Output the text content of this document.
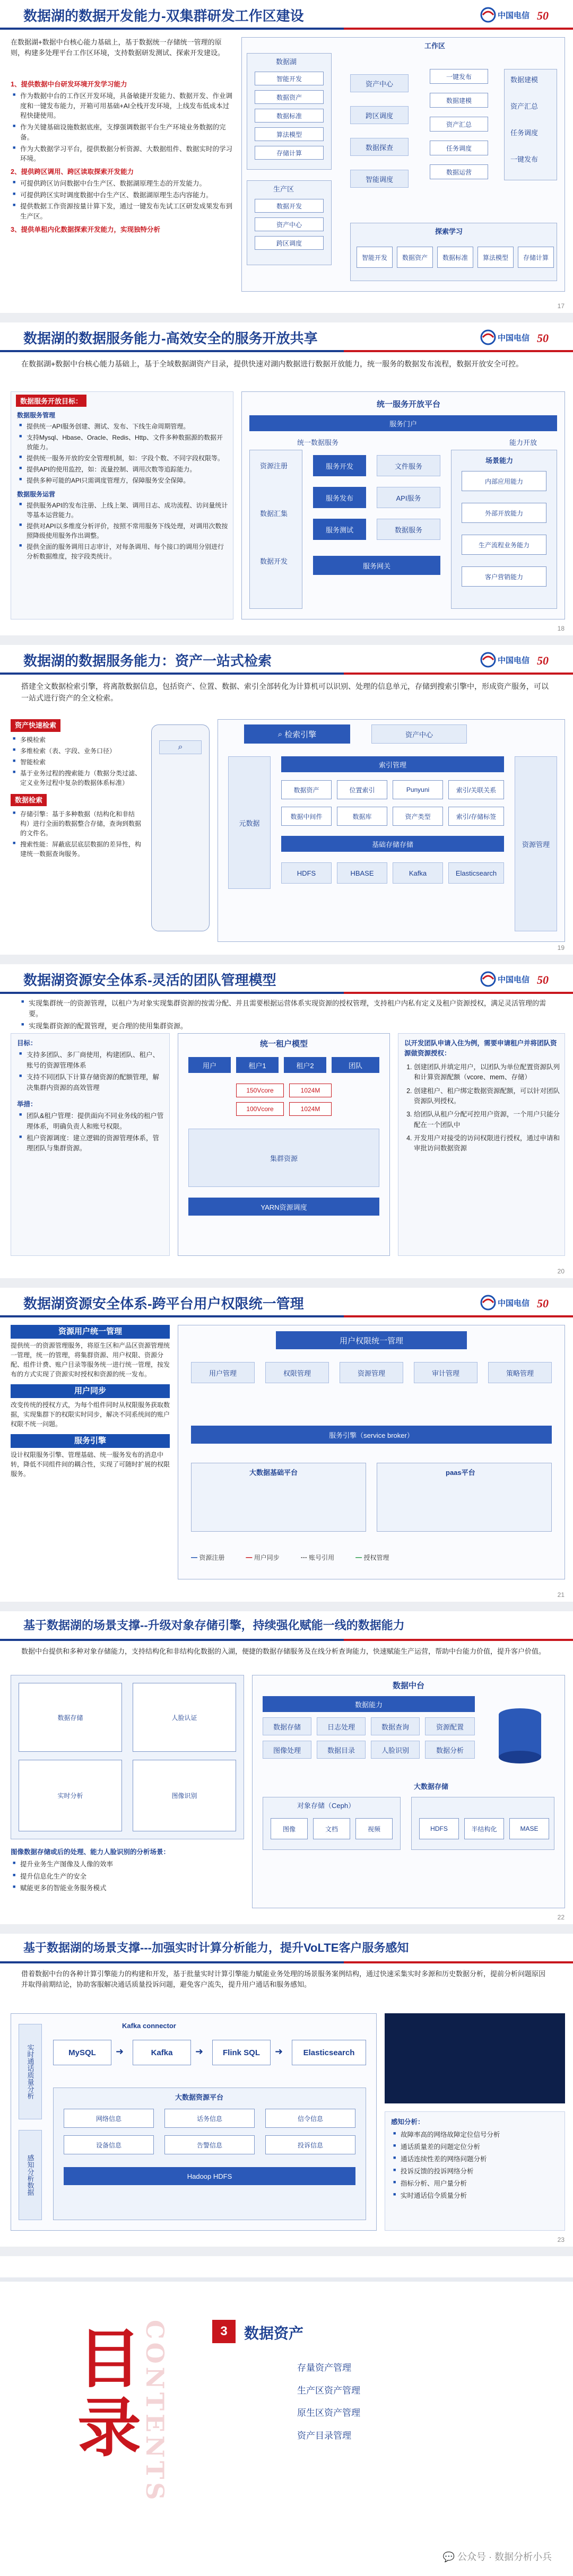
数据湖的数据开发能力-双集群研发工作区建设	中国电信 50
在数据湖+数据中台核心能力基础上，基于数据统一存储统一管理的原则，构建多处理平台工作区环境，支持数据研发测试、探索开发建设。
1、提供数据中台研发环境开发学习能力
■ 作为数据中台的工作区开发环境，具备敏捷开发能力、数据开发、作业调度和一键发布能力，开箱可用基础+AI全栈开发环境，上线发布低成本过程快捷使用。
■ 作为关键基础设施数据底座，支撑强调数据平台生产环境业务数据的完备。
■ 作为大数据学习平台，提供数据分析资源、大数据组件、数据实时的学习环境。
2、提供跨区调用、跨区读取探索开发能力
■ 可提供跨区访问数据中台生产区、数据湖原理生态的开发能力。
■ 可提供跨区实时调度数据中台生产区、数据湖原理生态内容能力。
■ 提供数据工作资源按量计算下发，通过一键发布先试工区研发成果发布到生产区。
3、提供单租内化数据探索开发能力，实现独特分析
工作区
数据湖
智能开发
数据资产
数据标准
算法模型
存储计算
生产区
数据开发
资产中心
跨区调度
资产中心
跨区调度
数据探查
智能调度
一键发布
数据建模
资产汇总
任务调度
数据运营
数据建模
资产汇总
任务调度
一键发布
探索学习
智能开发	数据资产	数据标准	算法模型	存储计算
17
数据湖的数据服务能力-高效安全的服务开放共享	中国电信 50
在数据湖+数据中台核心能力基础上，基于全域数据湖资产目录，提供快速对湖内数据进行数据开放能力，统一服务的数据发布流程，数据开放安全可控。
数据服务开放目标：
数据服务管理
■ 提供统一API服务创建、测试、发布、下线生命周期管理。
■ 支持Mysql、Hbase、Oracle、Redis、Http、文件多种数据源的数据开放能力。
■ 提供统一服务开放的安全管理机制，如：字段个数、不同字段权限等。
■ 提供API的使用监控，如：流量控制、调用次数等追踪能力。
■ 提供多种可能的API只需调度管理方，保障服务安全保障。
数据服务运营
■ 提供服务API的发布注册、上线上架、调用日志、成功流程、访问量统计等基本运营能力。
■ 提供对API以多维度分析评价，按照不常用服务下线处理，对调用次数按照降级使用服务作出调整。
■ 提供全面的服务调用日志审计，对每条调用、每个接口的调用分别进行分析数据维度，按字段类统计。
统一服务开放平台
服务门户
统一数据服务	能力开放
资源注册
数据汇集
数据开发
服务开发
服务发布
服务测试
文件服务
API服务
数据服务
服务网关
场景能力
内部应用能力
外部开放能力
生产流程业务能力
客户营销能力
18
数据湖的数据服务能力：资产一站式检索	中国电信 50
搭建全文数据检索引擎，将离散数据信息，包括资产、位置、数据、索引全部转化为计算机可以识别、处理的信息单元，存储到搜索引擎中，形成资产服务，可以一站式进行资产的全文检索。
资产快速检索
■ 多模检索
■ 多维检索（表、字段、业务口径）
■ 智能检索
■ 基于业务过程的搜索能力（数据分类过滤、定义业务过程中复杂的数据体系标准）
数据检索
■ 存储引擎：基于多种数据（结构化和非结构）进行全面的数据整合存储，查询到数据的文件名。
■ 搜索性能：屏蔽底层底层数据的差异性，构建统一数据查询服务。
⌕
⌕ 检索引擎	资产中心
元数据
索引管理
数据资产	位置索引	Punyuni	索引/关联关系
数据中间件	数据库	资产类型	索引/存储标签
基础存储存储
HDFS	HBASE	Kafka	Elasticsearch
资源管理
19
数据湖资源安全体系-灵活的团队管理模型	中国电信 50
■ 实现集群统一的资源管理，以租户为对象实现集群资源的按需分配、并且需要根据运营体系实现资源的授权管理，支持租户内私有定义及租户资源授权，满足灵活管理的需要。
■ 实现集群资源的配置管理，更合理的使用集群资源。
目标：
■ 支持多团队、多厂商使用，构建团队、租户、账号的资源管理体系
■ 支持不同团队下计算存储资源的配额管理，解决集群内资源的高效管理
举措：
■ 团队&租户管理：提供面向不同业务线的租户管理体系，明确负责人和账号权限。
■ 租户资源调度：建立逻辑的资源管理体系，管理团队与集群资源。
统一租户模型
用户	租户1	租户2	团队
150Vcore	1024M
100Vcore	1024M
集群资源
YARN资源调度
以开发团队申请入住为例，需要申请租户并将团队资源做资源授权：
1. 创建团队并填定用户，以团队为单位配置资源队列和计算资源配额（vcore、mem、存储）
2. 创建租户、租户绑定数据资源配额，可以针对团队资源队列授权。
3. 给团队从租户分配可控用户资源，一个用户只能分配在一个团队中
4. 开发用户对接受的访问权限进行授权，通过申请和审批访问数据资源
20
数据湖资源安全体系-跨平台用户权限统一管理	中国电信 50
资源用户统一管理
提供统一的资源管理服务，将原生区和产品区资源管理统一管理，统一的管理，将集群资源、用户权限、资源分配、组件计费、账户目录等服务统一进行统一管理，按发布的方式实现了资源实时授权和资源的统一发布。
用户同步
改变传统的授权方式，为每个组件同时从权限服务获取数据，实现集群下的权限实时同步，解决不同系统间的账户权限不统一问题。
服务引擎
设计权限服务引擎、管理基础、统一服务发布的消息中转，降低不同组件间的耦合性，实现了可随时扩展的权限服务。
用户权限统一管理
用户管理	权限管理	资源管理	审计管理	策略管理
服务引擎（service broker）
大数据基础平台	paas平台
━ 资源注册	━ 用户同步	┅ 账号引用	━ 授权管理
21
基于数据湖的场景支撑--升级对象存储引擎，持续强化赋能一线的数据能力
数据中台提供和多种对象存储能力，支持结构化和非结构化数据的入湖，便捷的数据存储服务及在线分析查询能力，快速赋能生产运营，帮助中台能力价值，提升客户价值。
数据存储	人脸认证
实时分析	图像识别
图像数据存储或后的处理、能力人脸识别的分析场景：
■ 提升业务生产图像及人像的效率
■ 提升信息化生产的安全
■ 赋能更多的智能业务服务模式
数据中台
数据能力
数据存储	日志处理	数据查询	资源配置
图像处理	数据目录	人脸识别	数据分析
大数据存储
对象存储（Ceph）
图像	文档	视频	HDFS	半结构化	MASE
22
基于数据湖的场景支撑---加强实时计算分析能力，提升VoLTE客户服务感知
借着数据中台的各种计算引擎能力的构建和开发，基于批量实时计算引擎能力赋能业务处理的场景服务案例结构，通过快速采集实时多源和历史数据分析，提前分析问题原因并取得前期结论，协助客服解决通话质量投诉问题，避免客户流失，提升用户通话和服务感知。
实时通话质量分析
感知分析数据
Kafka connector
MySQL	Kafka	Flink SQL	Elasticsearch
➜	➜	➜
大数据资源平台
网络信息	话务信息	信令信息
设备信息	告警信息	投诉信息
Hadoop HDFS
感知分析：
■ 故障率高的网络故障定位信号分析
■ 通话质量差的问题定位分析
■ 通话连续性差的网络问题分析
■ 投诉反馈的投诉网络分析
■ 指标分析、用户量分析
■ 实时通话信令质量分析
23
目录
CONTENTS	3	数据资产
存量资产管理
生产区资产管理
原生区资产管理
资产目录管理
💬 公众号 · 数据分析小兵
